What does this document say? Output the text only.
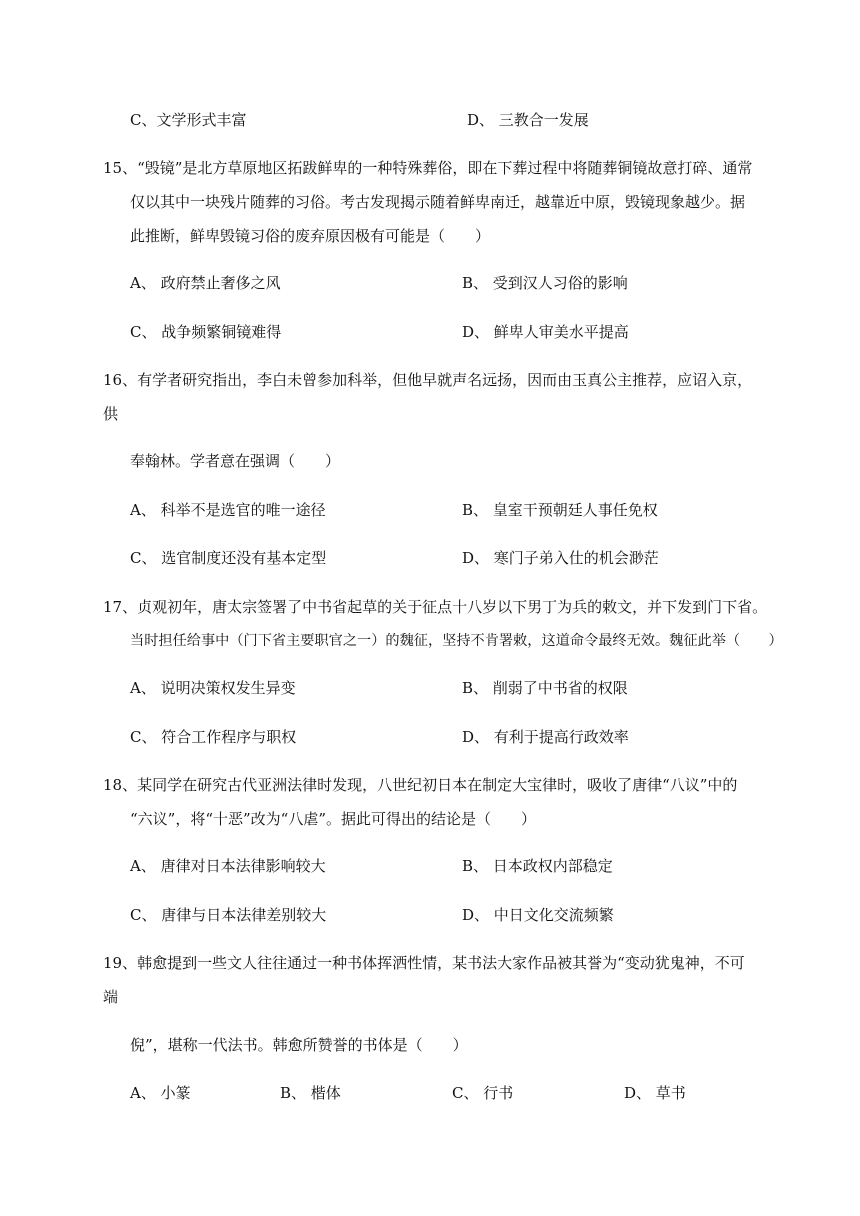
C、文学形式丰富	D、 三教合一发展
15、“毁镜”是北方草原地区拓跋鲜卑的一种特殊葬俗，即在下葬过程中将随葬铜镜故意打碎、通常
仅以其中一块残片随葬的习俗。考古发现揭示随着鲜卑南迁，越靠近中原，毁镜现象越少。据
此推断，鲜卑毁镜习俗的废弃原因极有可能是（　　）
A、 政府禁止奢侈之风	B、 受到汉人习俗的影响
C、 战争频繁铜镜难得	D、 鲜卑人审美水平提高
16、有学者研究指出，李白未曾参加科举，但他早就声名远扬，因而由玉真公主推荐，应诏入京，
供
奉翰林。学者意在强调（　　）
A、 科举不是选官的唯一途径	B、 皇室干预朝廷人事任免权
C、 选官制度还没有基本定型	D、 寒门子弟入仕的机会渺茫
17、贞观初年，唐太宗签署了中书省起草的关于征点十八岁以下男丁为兵的敕文，并下发到门下省。
当时担任给事中（门下省主要职官之一）的魏征，坚持不肯署敕，这道命令最终无效。魏征此举（　　）
A、 说明决策权发生异变	B、 削弱了中书省的权限
C、 符合工作程序与职权	D、 有利于提高行政效率
18、某同学在研究古代亚洲法律时发现，八世纪初日本在制定大宝律时，吸收了唐律“八议”中的
“六议”，将“十恶”改为“八虐”。据此可得出的结论是（　　）
A、 唐律对日本法律影响较大	B、 日本政权内部稳定
C、 唐律与日本法律差别较大	D、 中日文化交流频繁
19、韩愈提到一些文人往往通过一种书体挥洒性情，某书法大家作品被其誉为“变动犹鬼神，不可
端
倪”，堪称一代法书。韩愈所赞誉的书体是（　　）
A、 小篆	B、 楷体	C、 行书	D、 草书
